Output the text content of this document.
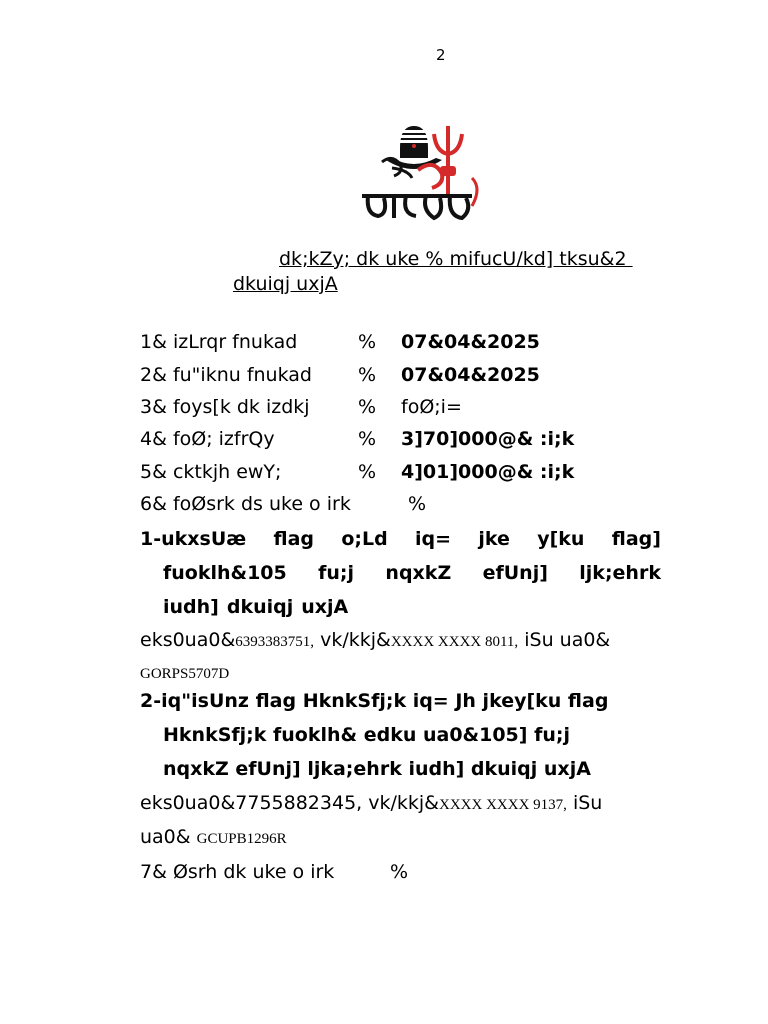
2
dk;kZy; dk uke % mifucU/kd] tksu&2
dkuiqj uxjA
1& izLrqr fnukad	% 07&04&2025
2& fu"iknu fnukad % 07&04&2025
3& foys[k dk izdkj	% foØ;i=
4& foØ; izfrQy	% 3]70]000@& :i;k
5& cktkjh ewY;	% 4]01]000@& :i;k
6& foØsrk ds uke o irk	%
1-ukxsUæ flag o;Ld iq= jke y[ku flag]
fuoklh&105 fu;j nqxkZ efUnj] ljk;ehrk
iudh] dkuiqj uxjA
eks0ua0&6393383751, vk/kkj&XXXX XXXX 8011, iSu ua0&
GORPS5707D
2-iq"isUnz flag HknkSfj;k iq= Jh jkey[ku flag
HknkSfj;k fuoklh& edku ua0&105] fu;j
nqxkZ efUnj] ljka;ehrk iudh] dkuiqj uxjA
eks0ua0&7755882345, vk/kkj&XXXX XXXX 9137, iSu
ua0& GCUPB1296R
7& Øsrh dk uke o irk	%
